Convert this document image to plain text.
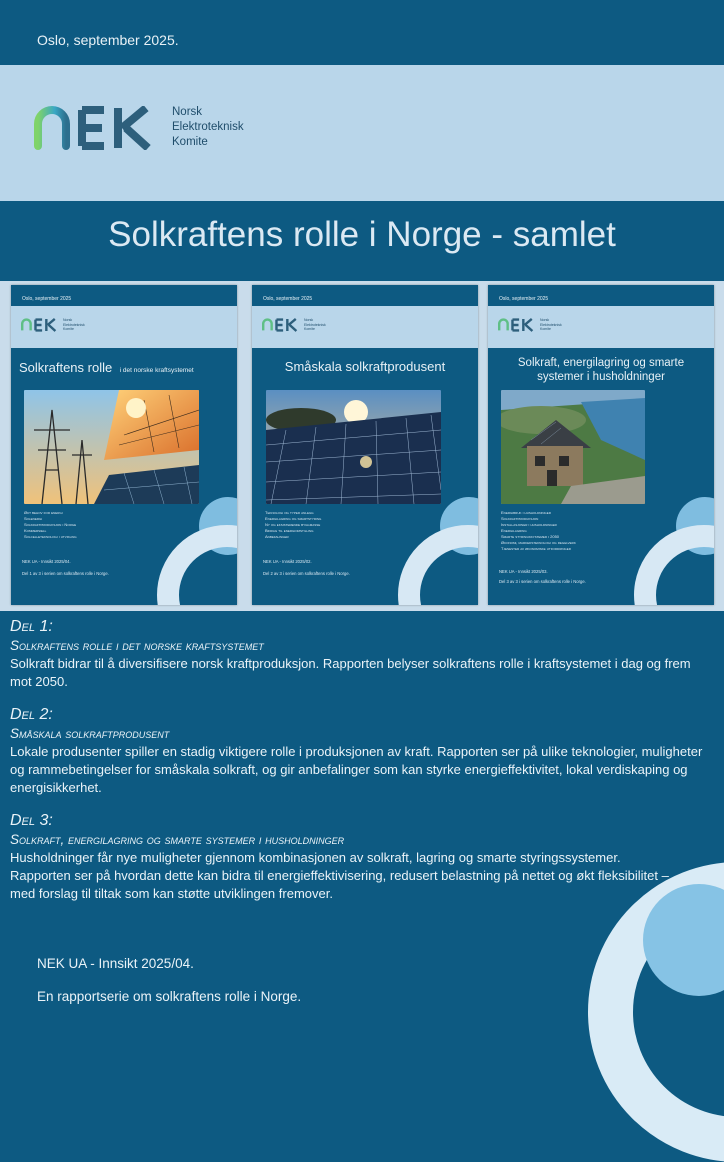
Oslo, september 2025.
Norsk
Elektroteknisk
Komite
Solkraftens rolle i Norge - samlet
Oslo, september 2025
Norsk
Elektroteknisk
Komite
Solkraftens rolle i det norske kraftsystemet
Økt behov for energi
Solenergi
Solkraftproduksjon i Norge
Kommersiell
Solcelleteknologi i utvikling
NEK UA - Innsikt 2025/04.
Del 1 av 3 i serien om solkraftens rolle i Norge.
Oslo, september 2025
Norsk
Elektroteknisk
Komite
Småskala solkraftprodusent
Teknologi og typer anlegg
Energilagring og smartstyring
Ny og eksisterende byggmasse
Bidrag til energiomstilling
Anbefalinger
NEK UA - Innsikt 2025/02.
Del 2 av 3 i serien om solkraftens rolle i Norge.
Oslo, september 2025
Norsk
Elektroteknisk
Komite
Solkraft, energilagring og smarte systemer i husholdninger
Energibruk i husholdninger
Solkraftproduksjon
Installasjoner i husholdninger
Energilagring
Smarte styringssystemer i 2050
Økonomi, markedsteknologi og regelverk
Tjenester av økonomiske utfordringer
NEK UA - Innsikt 2025/03.
Del 3 av 3 i serien om solkraftens rolle i Norge.
Del 1:
Solkraftens rolle i det norske kraftsystemet
Solkraft bidrar til å diversifisere norsk kraftproduksjon. Rapporten belyser solkraftens rolle i kraftsystemet i dag og frem mot 2050.
Del 2:
Småskala solkraftprodusent
Lokale produsenter spiller en stadig viktigere rolle i produksjonen av kraft. Rapporten ser på ulike teknologier, muligheter og rammebetingelser for småskala solkraft, og gir anbefalinger som kan styrke energieffektivitet, lokal verdiskaping og energisikkerhet.
Del 3:
Solkraft, energilagring og smarte systemer i husholdninger
Husholdninger får nye muligheter gjennom kombinasjonen av solkraft, lagring og smarte styringssystemer. Rapporten ser på hvordan dette kan bidra til energieffektivisering, redusert belastning på nettet og økt fleksibilitet – med forslag til tiltak som kan støtte utviklingen fremover.
NEK UA - Innsikt 2025/04.
En rapportserie om solkraftens rolle i Norge.
